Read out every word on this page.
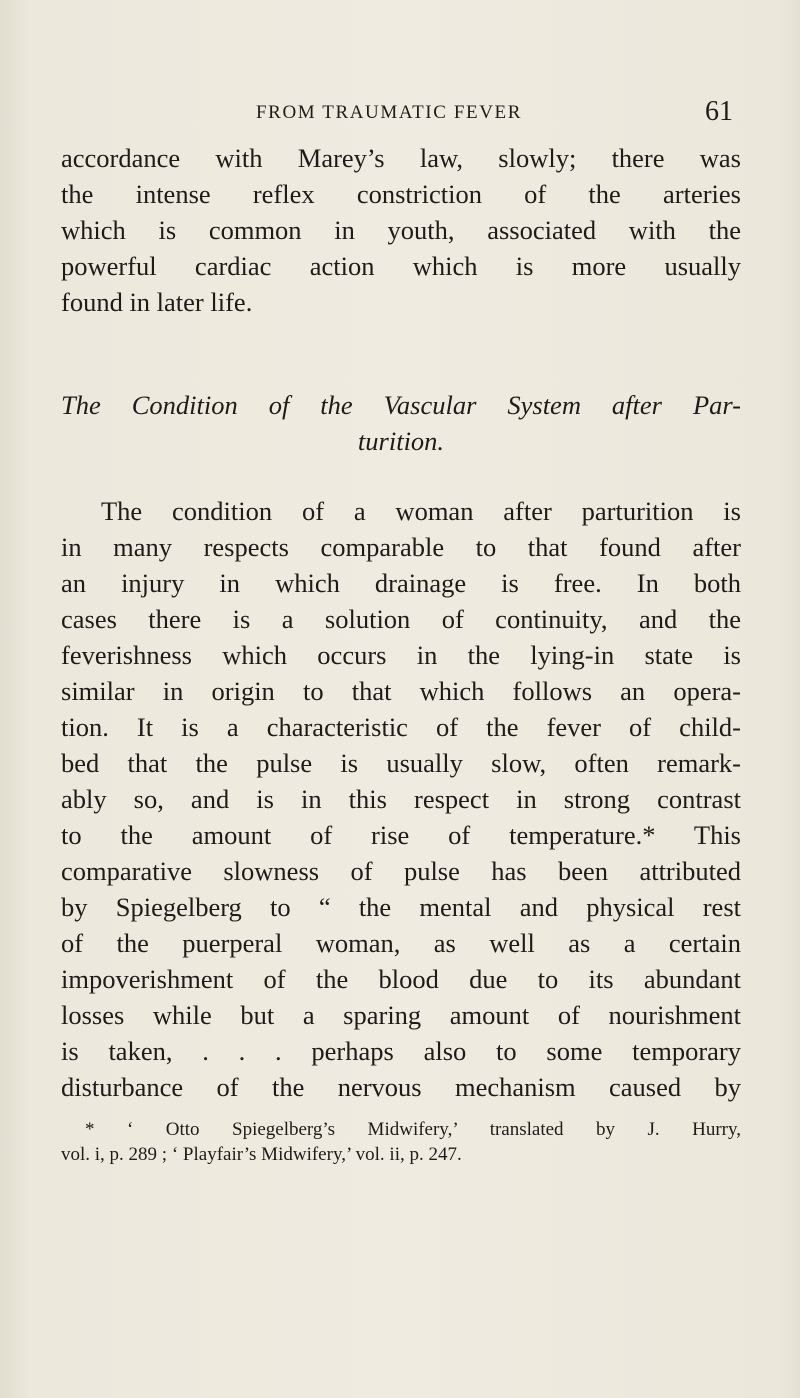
FROM TRAUMATIC FEVER	61
accordance with Marey’s law, slowly; there was
the intense reflex constriction of the arteries
which is common in youth, associated with the
powerful cardiac action which is more usually
found in later life.
The Condition of the Vascular System after Par-
turition.
The condition of a woman after parturition is
in many respects comparable to that found after
an injury in which drainage is free. In both
cases there is a solution of continuity, and the
feverishness which occurs in the lying-in state is
similar in origin to that which follows an opera-
tion. It is a characteristic of the fever of child-
bed that the pulse is usually slow, often remark-
ably so, and is in this respect in strong contrast
to the amount of rise of temperature.* This
comparative slowness of pulse has been attributed
by Spiegelberg to “ the mental and physical rest
of the puerperal woman, as well as a certain
impoverishment of the blood due to its abundant
losses while but a sparing amount of nourishment
is taken, . . . perhaps also to some temporary
disturbance of the nervous mechanism caused by
* ‘ Otto Spiegelberg’s Midwifery,’ translated by J. Hurry,
vol. i, p. 289 ; ‘ Playfair’s Midwifery,’ vol. ii, p. 247.
